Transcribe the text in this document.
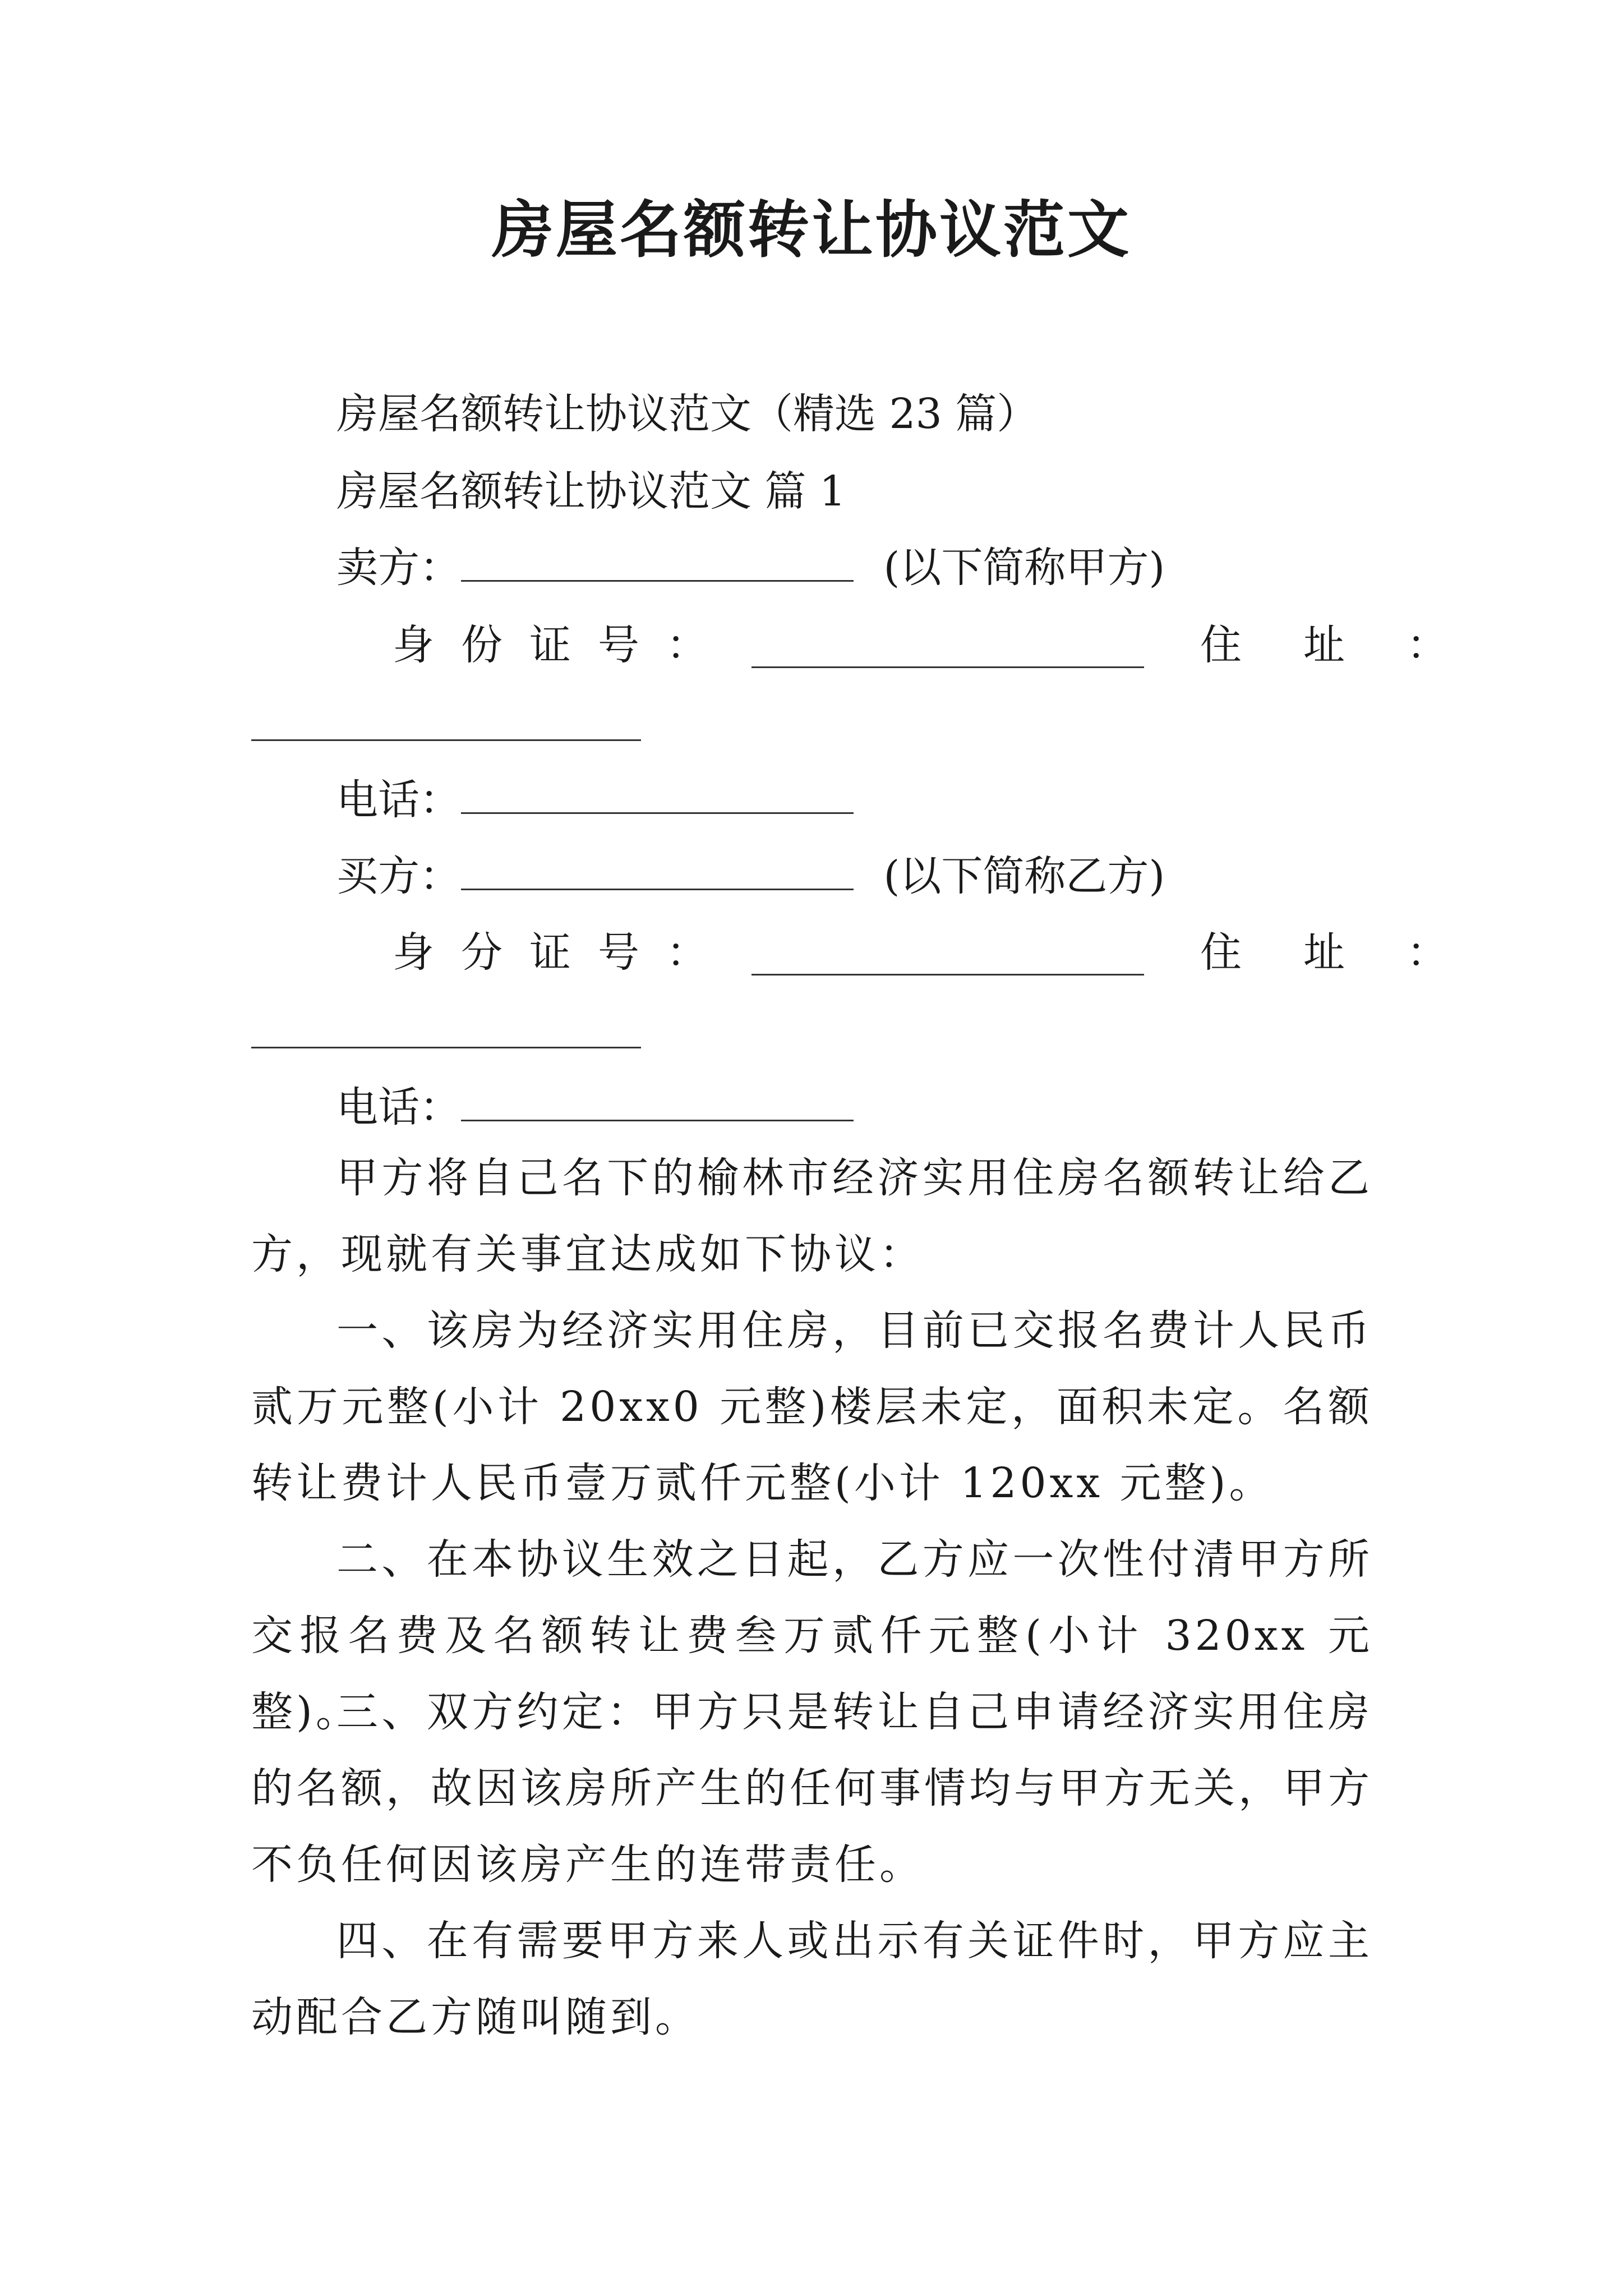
房屋名额转让协议范文
房屋名额转让协议范文（精选 23 篇）
房屋名额转让协议范文 篇 1
卖方：	(以下简称甲方)
身份证号：	住址：
电话：
买方：	(以下简称乙方)
身分证号：	住址：
电话：

甲方将自己名下的榆林市经济实用住房名额转让给乙方，现就有关事宜达成如下协议：

一、该房为经济实用住房，目前已交报名费计人民币贰万元整(小计 20xx0 元整)楼层未定，面积未定。名额转让费计人民币壹万贰仟元整(小计 120xx 元整)。

二、在本协议生效之日起，乙方应一次性付清甲方所交报名费及名额转让费叁万贰仟元整(小计 320xx 元整)。

三、双方约定：甲方只是转让自己申请经济实用住房的名额，故因该房所产生的任何事情均与甲方无关，甲方不负任何因该房产生的连带责任。

四、在有需要甲方来人或出示有关证件时，甲方应主动配合乙方随叫随到。
